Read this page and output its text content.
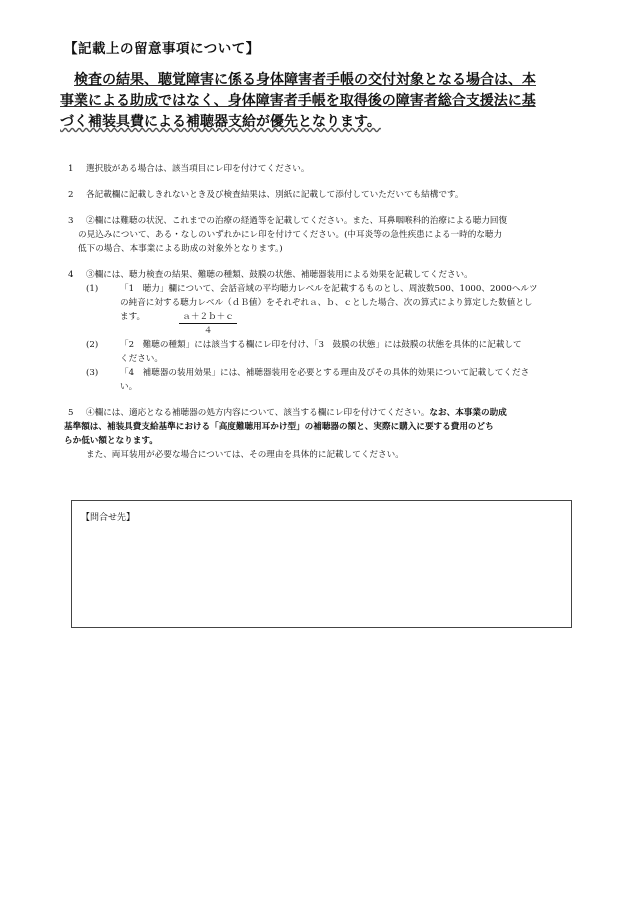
【記載上の留意事項について】
検査の結果、聴覚障害に係る身体障害者手帳の交付対象となる場合は、本
事業による助成ではなく、身体障害者手帳を取得後の障害者総合支援法に基
づく補装具費による補聴器支給が優先となります。
1	選択肢がある場合は、該当項目にレ印を付けてください。
2	各記載欄に記載しきれないとき及び検査結果は、別紙に記載して添付していただいても結構です。
3	②欄には難聴の状況、これまでの治療の経過等を記載してください。また、耳鼻咽喉科的治療による聴力回復
の見込みについて、ある・なしのいずれかにレ印を付けてください。(中耳炎等の急性疾患による一時的な聴力
低下の場合、本事業による助成の対象外となります。)
4	③欄には、聴力検査の結果、難聴の種類、鼓膜の状態、補聴器装用による効果を記載してください。
(1)	「1　聴力」欄について、会話音域の平均聴力レベルを記載するものとし、周波数500、1000、2000ヘルツ
の純音に対する聴力レベル（ｄＢ値）をそれぞれａ、ｂ、ｃとした場合、次の算式により算定した数値とし
ます。	$\frac{\text{ａ＋２ｂ＋ｃ}}{4}$
(2)	「2　難聴の種類」には該当する欄にレ印を付け、「3　鼓膜の状態」には鼓膜の状態を具体的に記載して
ください。
(3)	「4　補聴器の装用効果」には、補聴器装用を必要とする理由及びその具体的効果について記載してくださ
い。
5	④欄には、適応となる補聴器の処方内容について、該当する欄にレ印を付けてください。なお、本事業の助成
基準額は、補装具費支給基準における「高度難聴用耳かけ型」の補聴器の額と、実際に購入に要する費用のどち
らか低い額となります。
また、両耳装用が必要な場合については、その理由を具体的に記載してください。
【問合せ先】
